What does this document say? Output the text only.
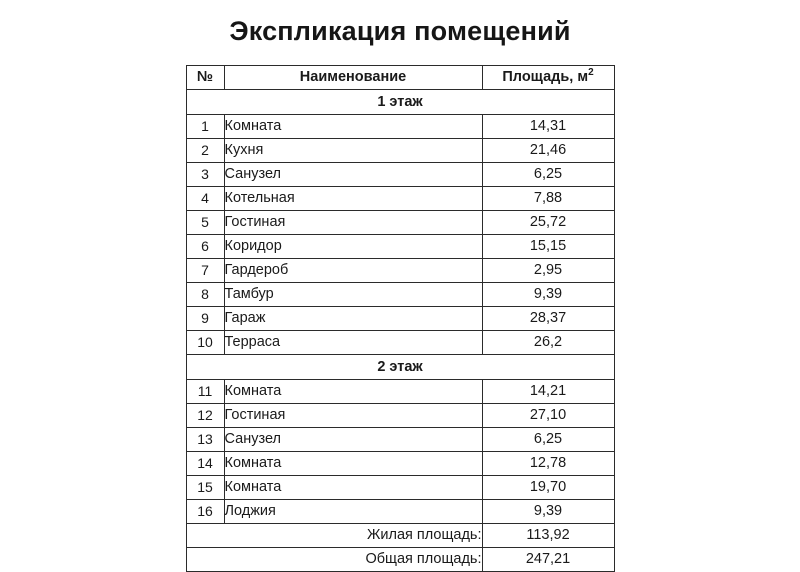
Экспликация помещений
№	Наименование	Площадь, $м^2$
1 этаж		
1	Комната	14,31
2	Кухня	21,46
3	Санузел	6,25
4	Котельная	7,88
5	Гостиная	25,72
6	Коридор	15,15
7	Гардероб	2,95
8	Тамбур	9,39
9	Гараж	28,37
10	Терраса	26,2
2 этаж		
11	Комната	14,21
12	Гостиная	27,10
13	Санузел	6,25
14	Комната	12,78
15	Комната	19,70
16	Лоджия	9,39
Жилая площадь:		113,92
Общая площадь:		247,21
